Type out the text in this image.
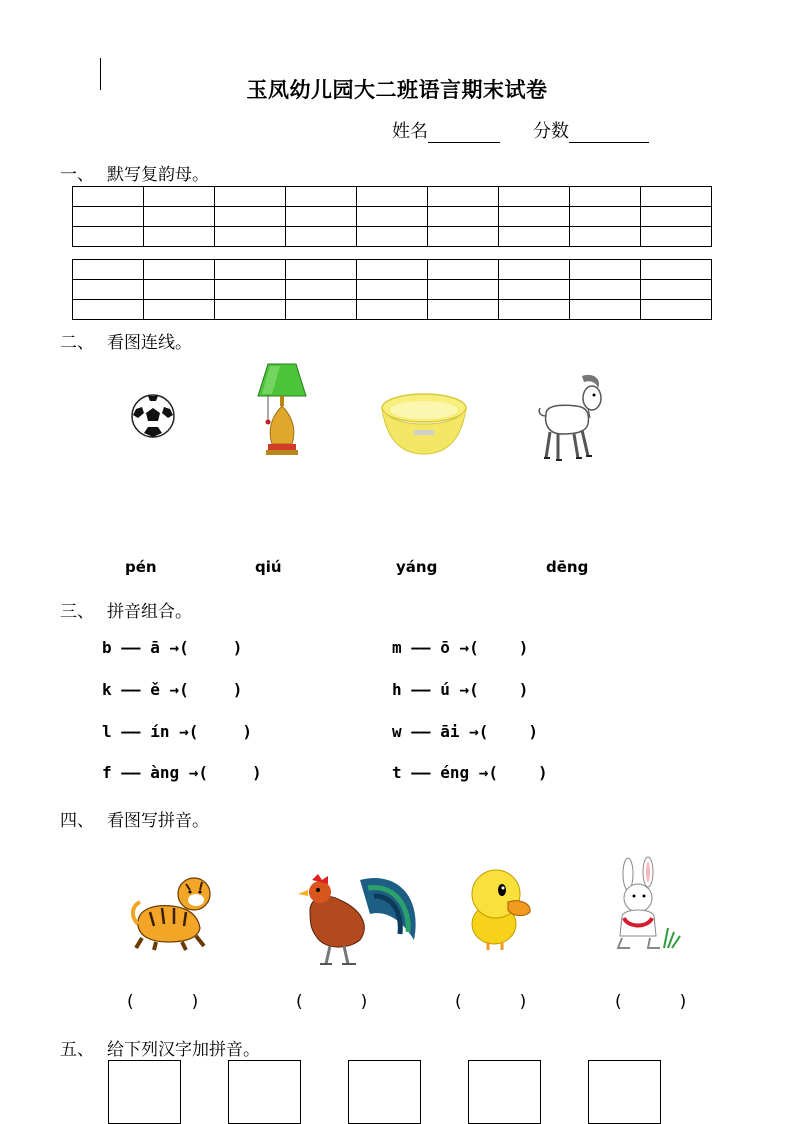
玉凤幼儿园大二班语言期末试卷
姓名	分数
一、 默写复韵母。

二、 看图连线。
pén	qiú	yáng	dēng
三、 拼音组合。
b —— ā →(	)
k —— ě →(	)
l —— ín →(	)
f —— àng →(	)
m —— ō →(	)
h —— ú →(	)
w —— āi →(	)
t —— éng →(	)
四、 看图写拼音。
(	)	(	)	(	)	(	)
五、 给下列汉字加拼音。
